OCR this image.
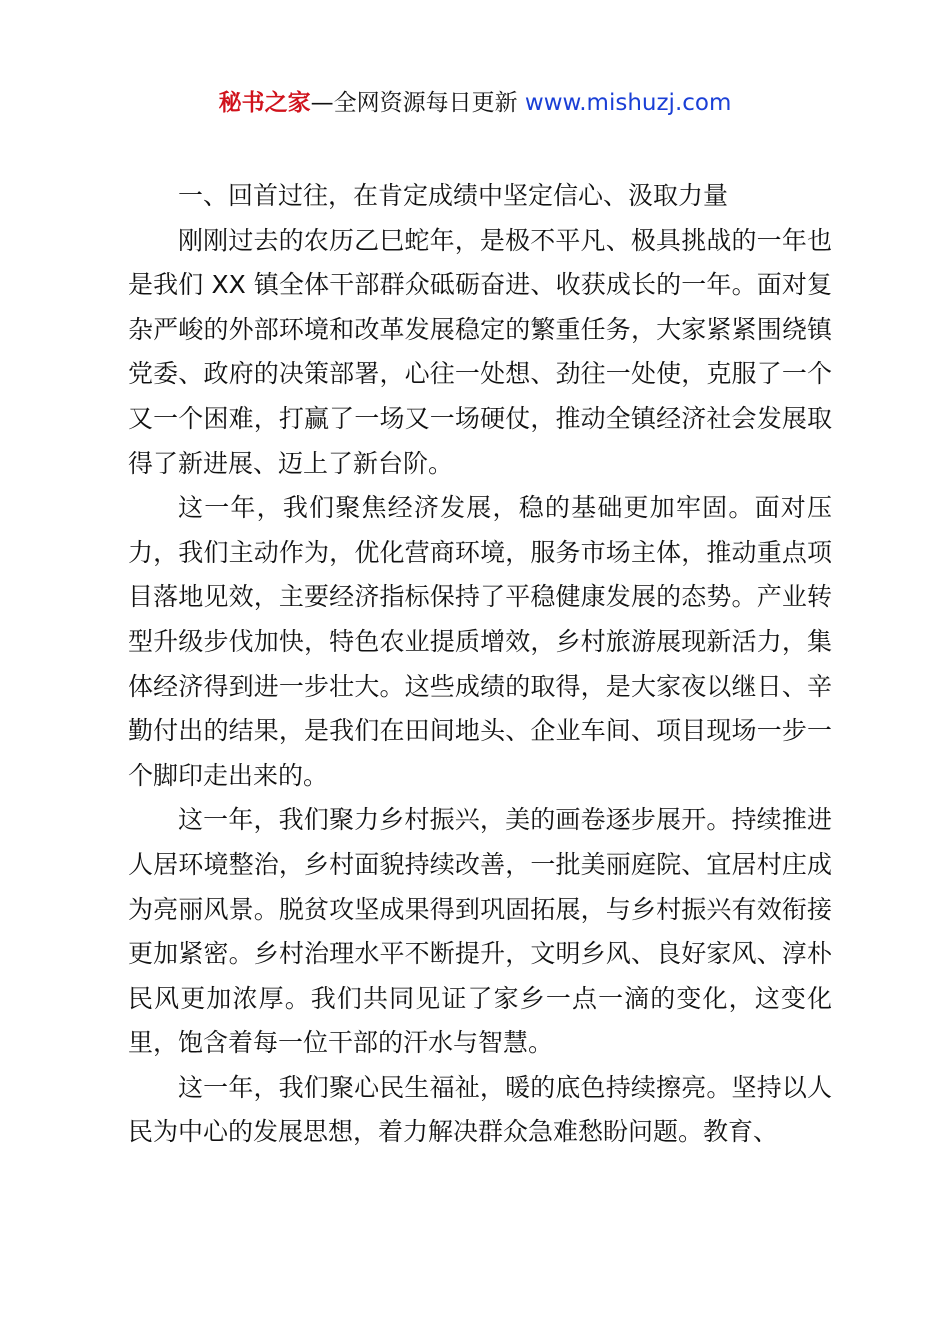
秘书之家—全网资源每日更新 www.mishuzj.com
一、回首过往，在肯定成绩中坚定信心、汲取力量

刚刚过去的农历乙巳蛇年，是极不平凡、极具挑战的一年也是我们 XX 镇全体干部群众砥砺奋进、收获成长的一年。面对复杂严峻的外部环境和改革发展稳定的繁重任务，大家紧紧围绕镇党委、政府的决策部署，心往一处想、劲往一处使，克服了一个又一个困难，打赢了一场又一场硬仗，推动全镇经济社会发展取得了新进展、迈上了新台阶。

这一年，我们聚焦经济发展，稳的基础更加牢固。面对压力，我们主动作为，优化营商环境，服务市场主体，推动重点项目落地见效，主要经济指标保持了平稳健康发展的态势。产业转型升级步伐加快，特色农业提质增效，乡村旅游展现新活力，集体经济得到进一步壮大。这些成绩的取得，是大家夜以继日、辛勤付出的结果，是我们在田间地头、企业车间、项目现场一步一个脚印走出来的。

这一年，我们聚力乡村振兴，美的画卷逐步展开。持续推进人居环境整治，乡村面貌持续改善，一批美丽庭院、宜居村庄成为亮丽风景。脱贫攻坚成果得到巩固拓展，与乡村振兴有效衔接更加紧密。乡村治理水平不断提升，文明乡风、良好家风、淳朴民风更加浓厚。我们共同见证了家乡一点一滴的变化，这变化里，饱含着每一位干部的汗水与智慧。

这一年，我们聚心民生福祉，暖的底色持续擦亮。坚持以人民为中心的发展思想，着力解决群众急难愁盼问题。教育、
